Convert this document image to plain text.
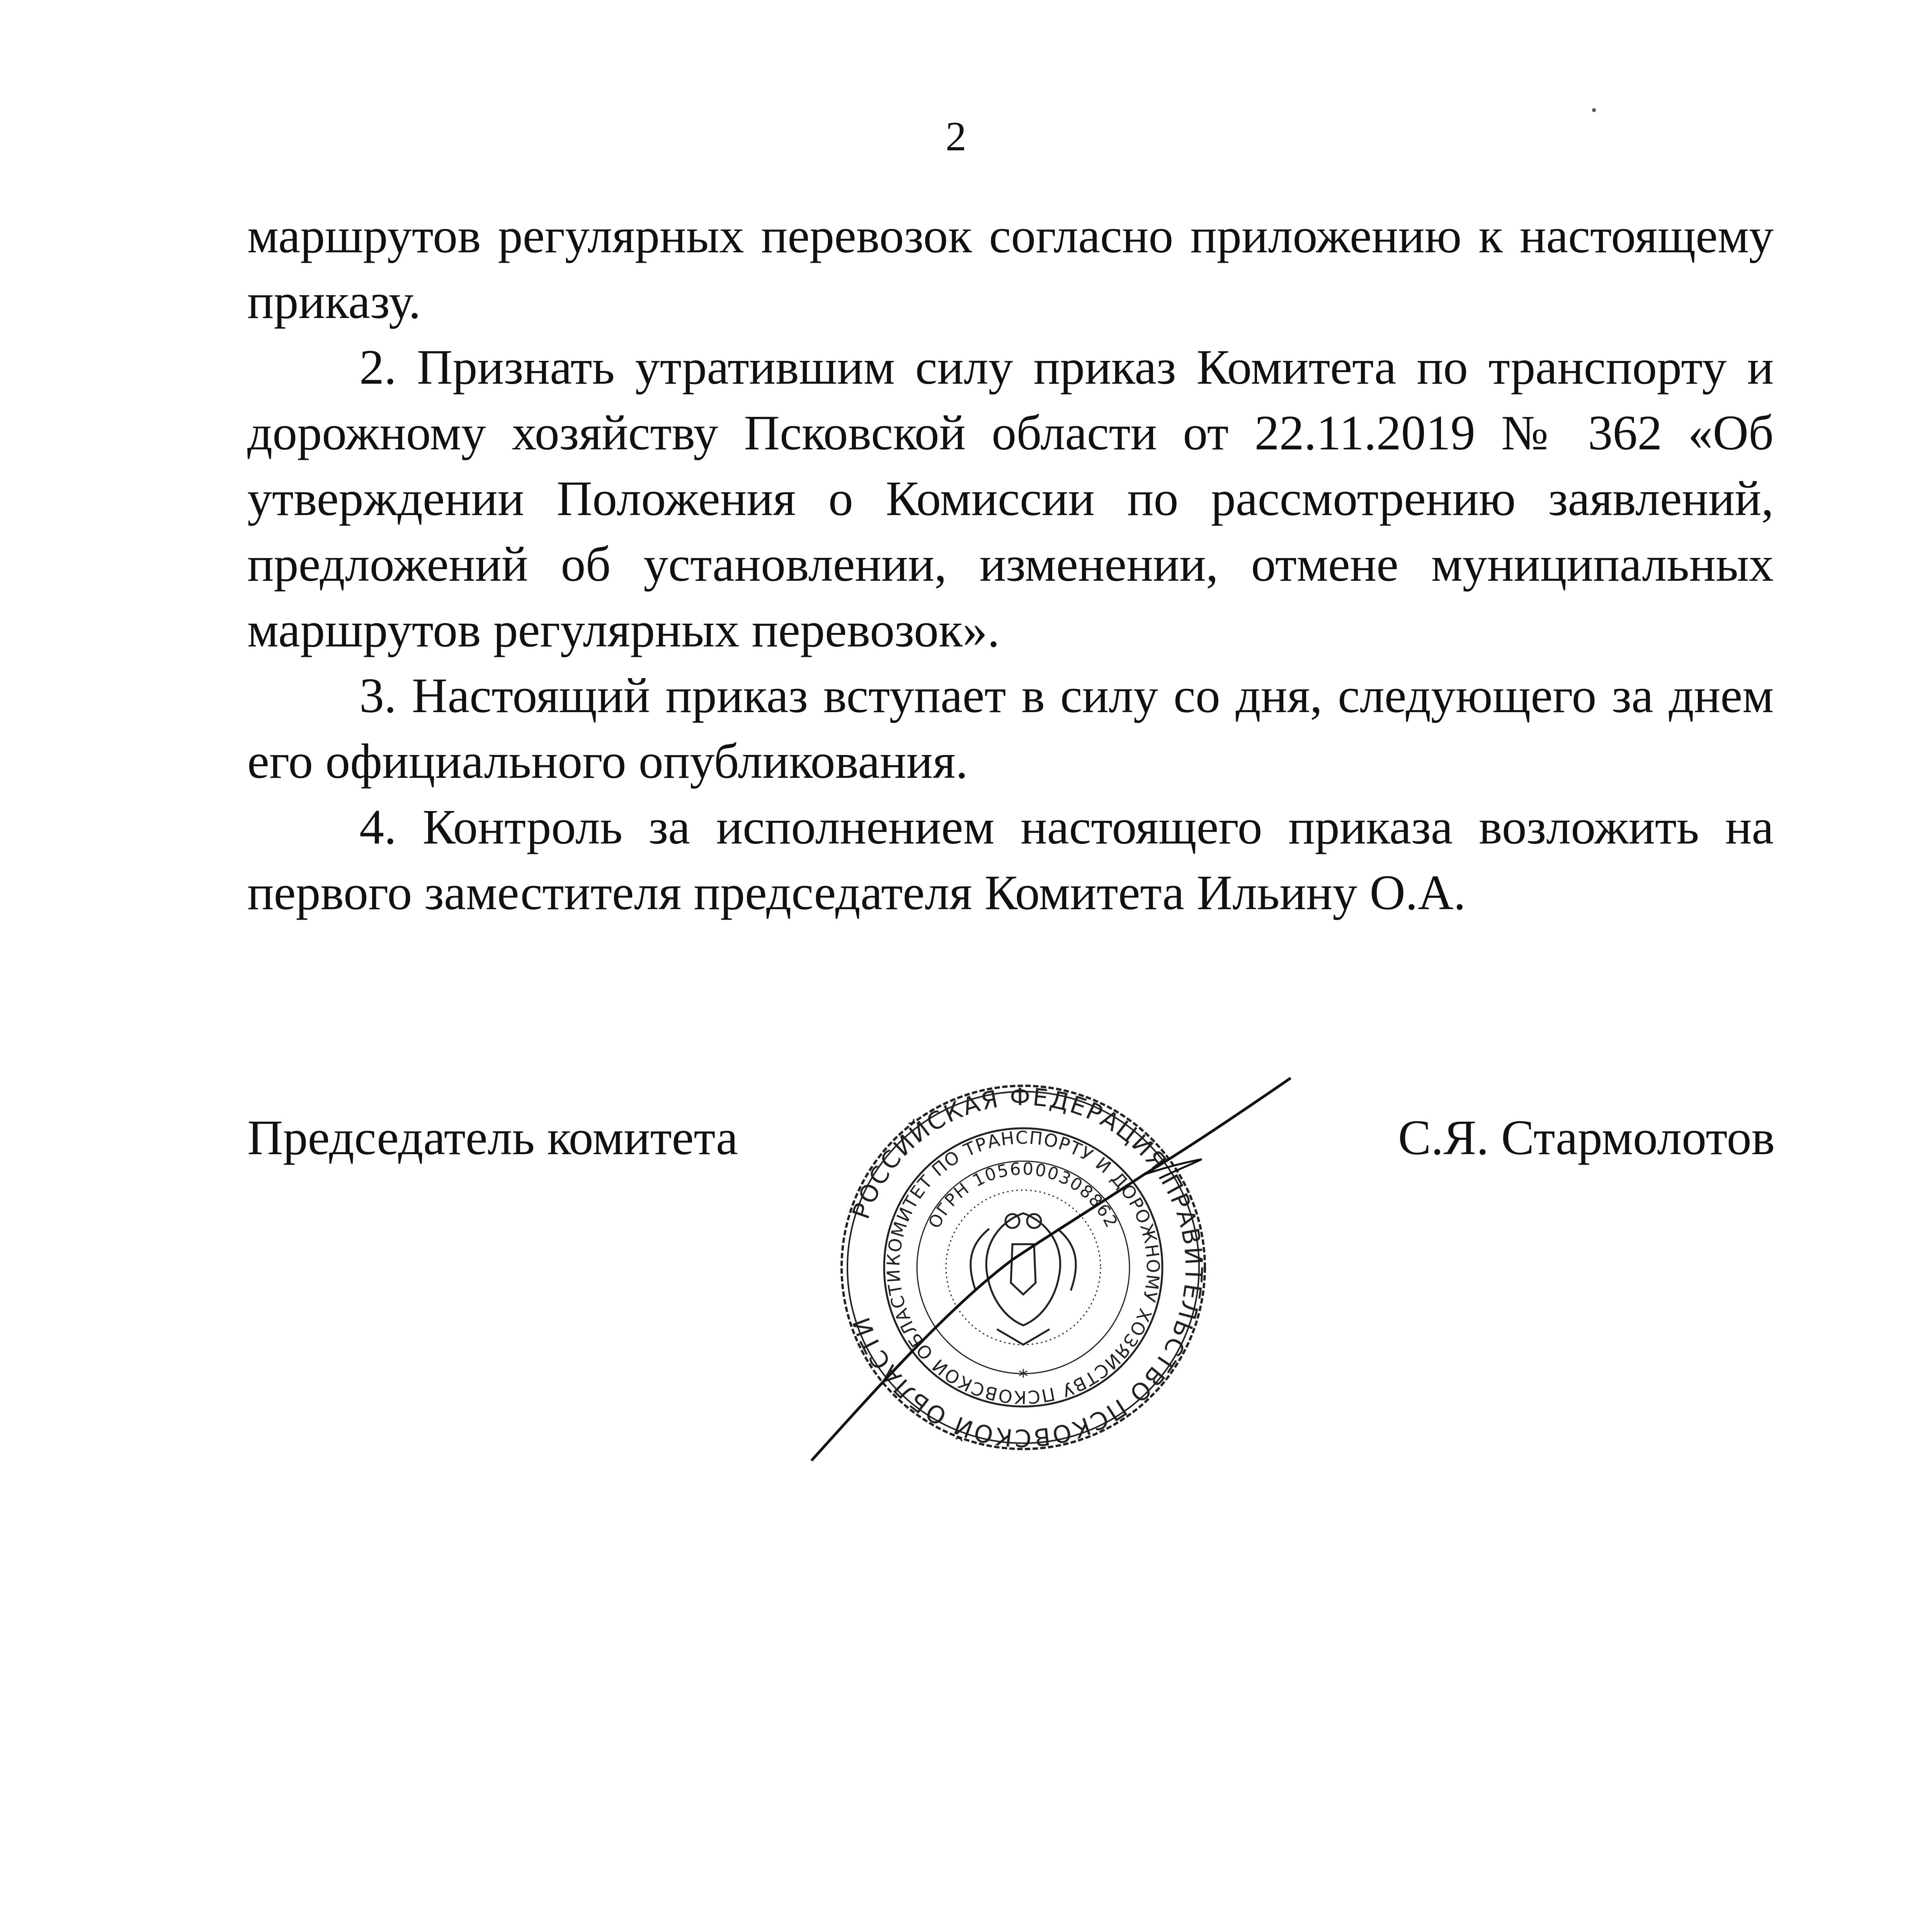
2

маршрутов регулярных перевозок согласно приложению к настоящему приказу.

2. Признать утратившим силу приказ Комитета по транспорту и дорожному хозяйству Псковской области от 22.11.2019 № 362 «Об утверждении Положения о Комиссии по рассмотрению заявлений, предложений об установлении, изменении, отмене муниципальных маршрутов регулярных перевозок».

3. Настоящий приказ вступает в силу со дня, следующего за днем его официального опубликования.

4. Контроль за исполнением настоящего приказа возложить на первого заместителя председателя Комитета Ильину О.А.

Председатель комитета	С.Я. Стармолотов
РОССИЙСКАЯ ФЕДЕРАЦИЯ ПРАВИТЕЛЬСТВО ПСКОВСКОЙ ОБЛАСТИ
КОМИТЕТ ПО ТРАНСПОРТУ И ДОРОЖНОМУ ХОЗЯЙСТВУ ПСКОВСКОЙ ОБЛАСТИ
ОГРН 1056000308862
*
